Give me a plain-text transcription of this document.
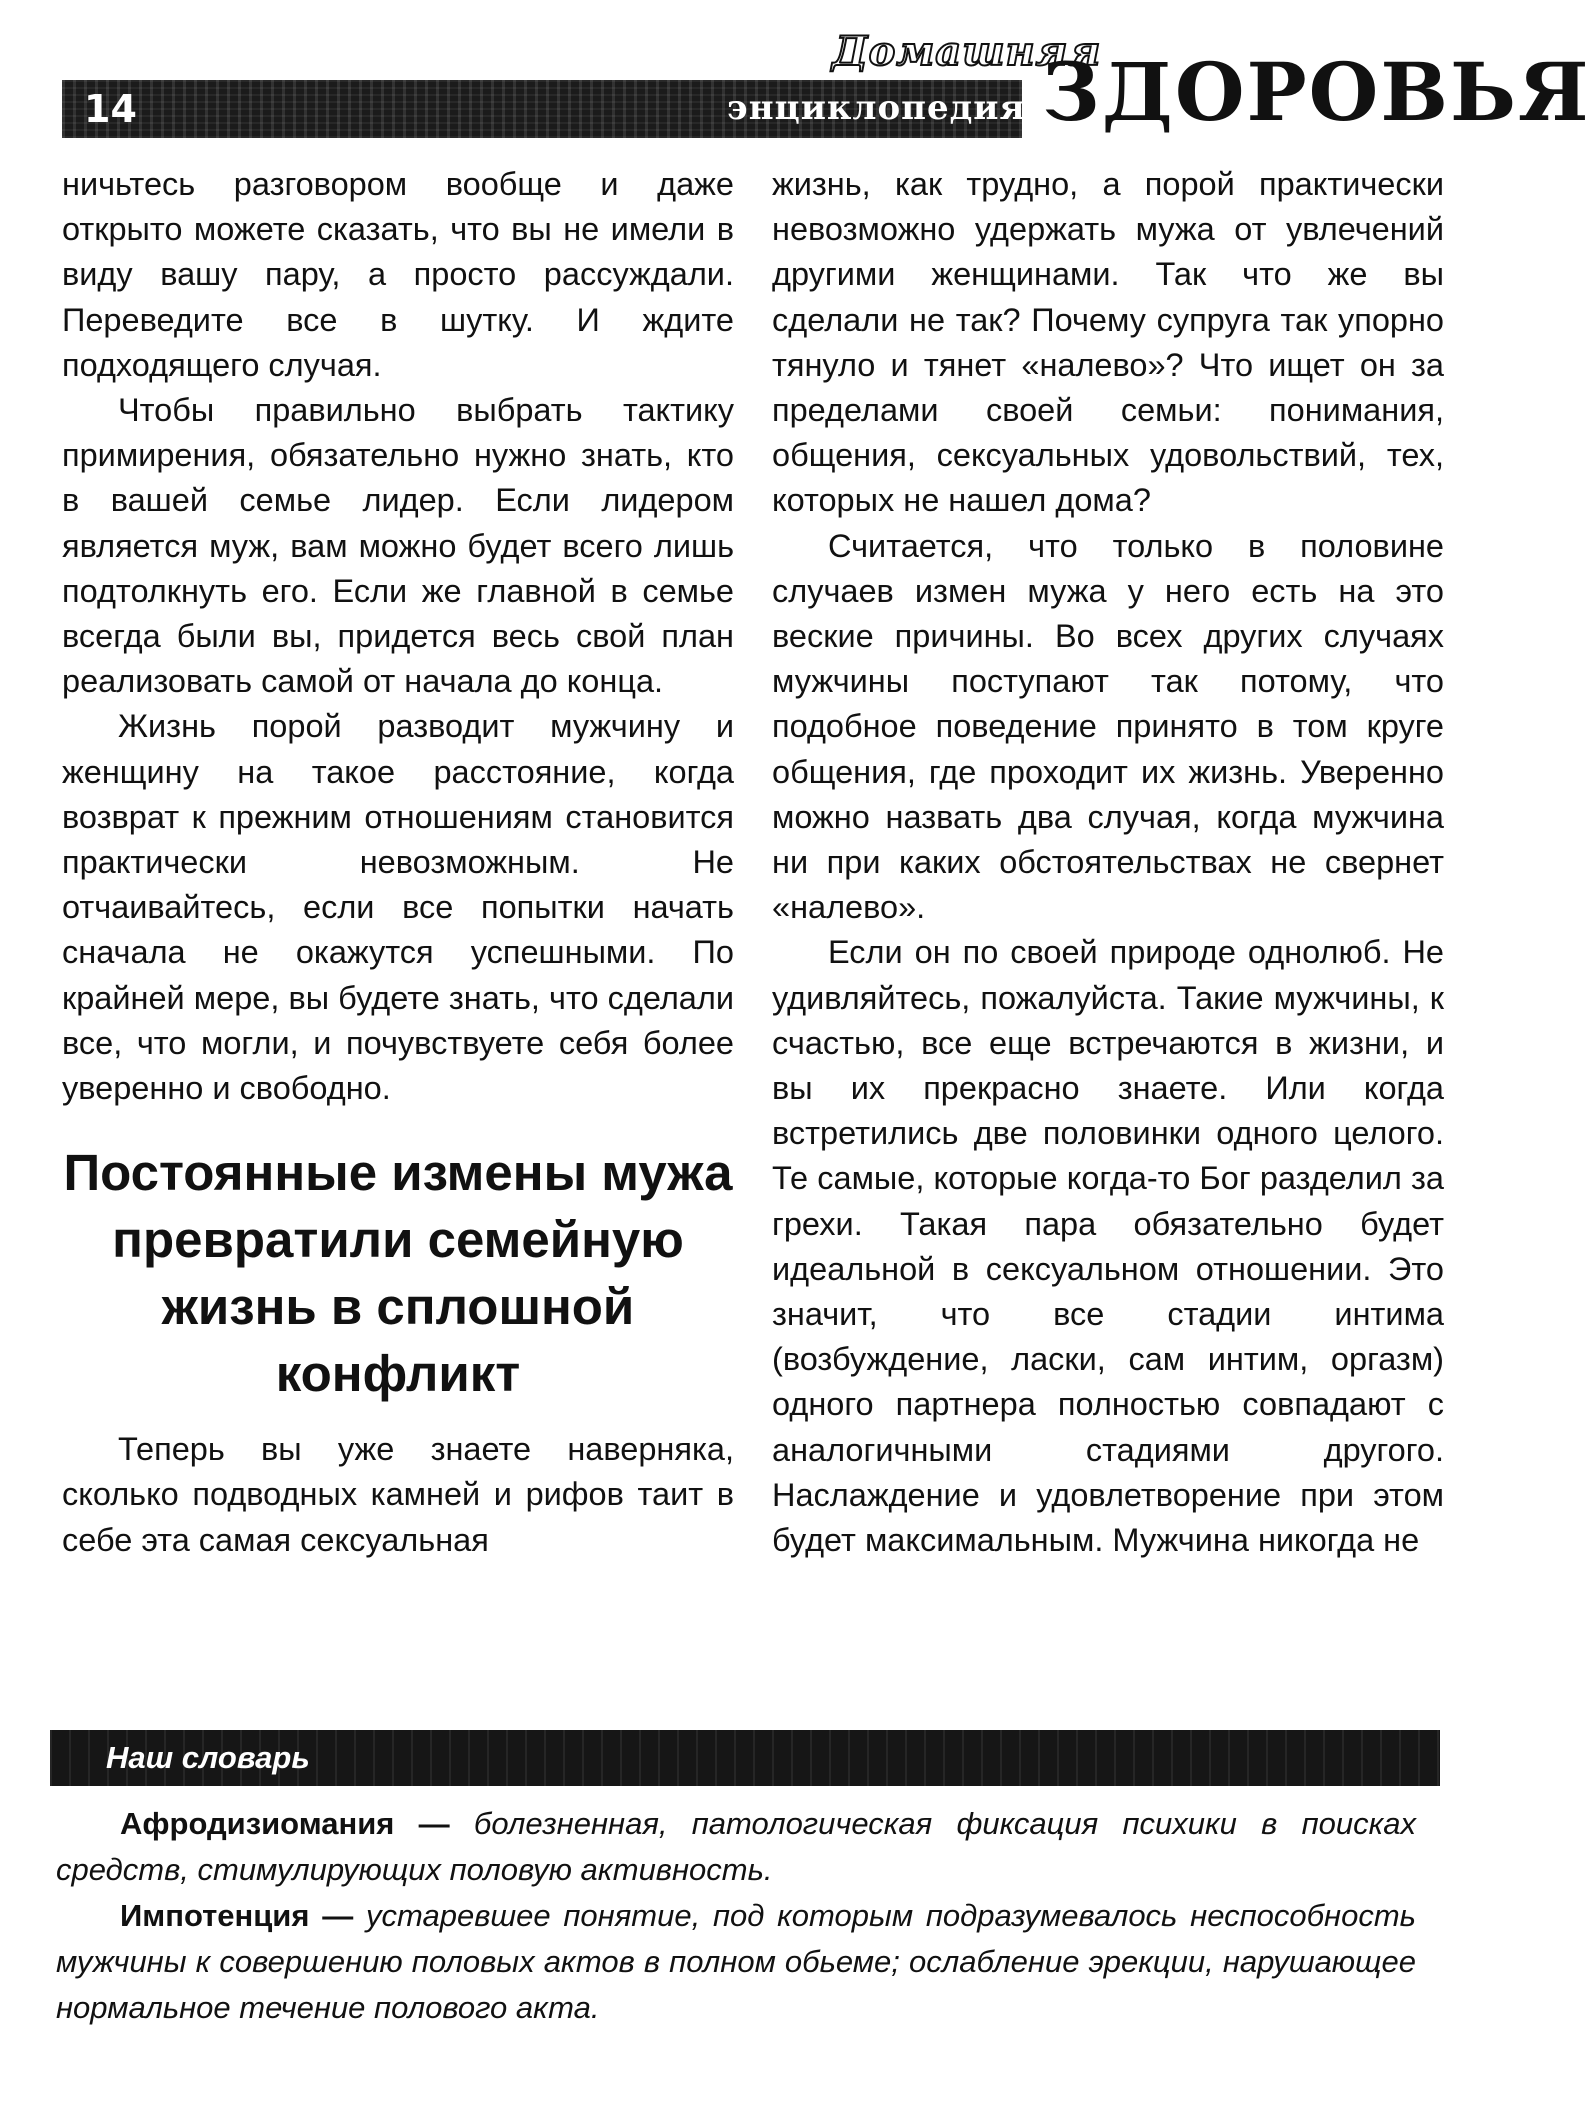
14
Домашняя
энциклопедия ЗДОРОВЬЯ

ничьтесь разговором вообще и даже открыто можете сказать, что вы не имели в виду вашу пару, а просто рассуждали. Переведите все в шутку. И ждите подходящего случая.

Чтобы правильно выбрать тактику примирения, обязательно нужно знать, кто в вашей семье лидер. Если лидером является муж, вам можно будет всего лишь подтолкнуть его. Если же главной в семье всегда были вы, придется весь свой план реализовать самой от начала до конца.

Жизнь порой разводит мужчину и женщину на такое расстояние, когда возврат к прежним отношениям становится практически невозможным. Не отчаивайтесь, если все попытки начать сначала не окажутся успешными. По крайней мере, вы будете знать, что сделали все, что могли, и почувствуете себя более уверенно и свободно.

Постоянные измены мужа превратили семейную жизнь в сплошной конфликт

Теперь вы уже знаете наверняка, сколько подводных камней и рифов таит в себе эта самая сексуальная

жизнь, как трудно, а порой практически невозможно удержать мужа от увлечений другими женщинами. Так что же вы сделали не так? Почему супруга так упорно тянуло и тянет «налево»? Что ищет он за пределами своей семьи: понимания, общения, сексуальных удовольствий, тех, которых не нашел дома?

Считается, что только в половине случаев измен мужа у него есть на это веские причины. Во всех других случаях мужчины поступают так потому, что подобное поведение принято в том круге общения, где проходит их жизнь. Уверенно можно назвать два случая, когда мужчина ни при каких обстоятельствах не свернет «налево».

Если он по своей природе однолюб. Не удивляйтесь, пожалуйста. Такие мужчины, к счастью, все еще встречаются в жизни, и вы их прекрасно знаете. Или когда встретились две половинки одного целого. Те самые, которые когда-то Бог разделил за грехи. Такая пара обязательно будет идеальной в сексуальном отношении. Это значит, что все стадии интима (возбуждение, ласки, сам интим, оргазм) одного партнера полностью совпадают с аналогичными стадиями другого. Наслаждение и удовлетворение при этом будет максимальным. Мужчина никогда не

Наш словарь

Афродизиомания — болезненная, патологическая фиксация психики в поисках средств, стимулирующих половую активность.

Импотенция — устаревшее понятие, под которым подразумевалось неспособность мужчины к совершению половых актов в полном обьеме; ослабление эрекции, нарушающее нормальное течение полового акта.
